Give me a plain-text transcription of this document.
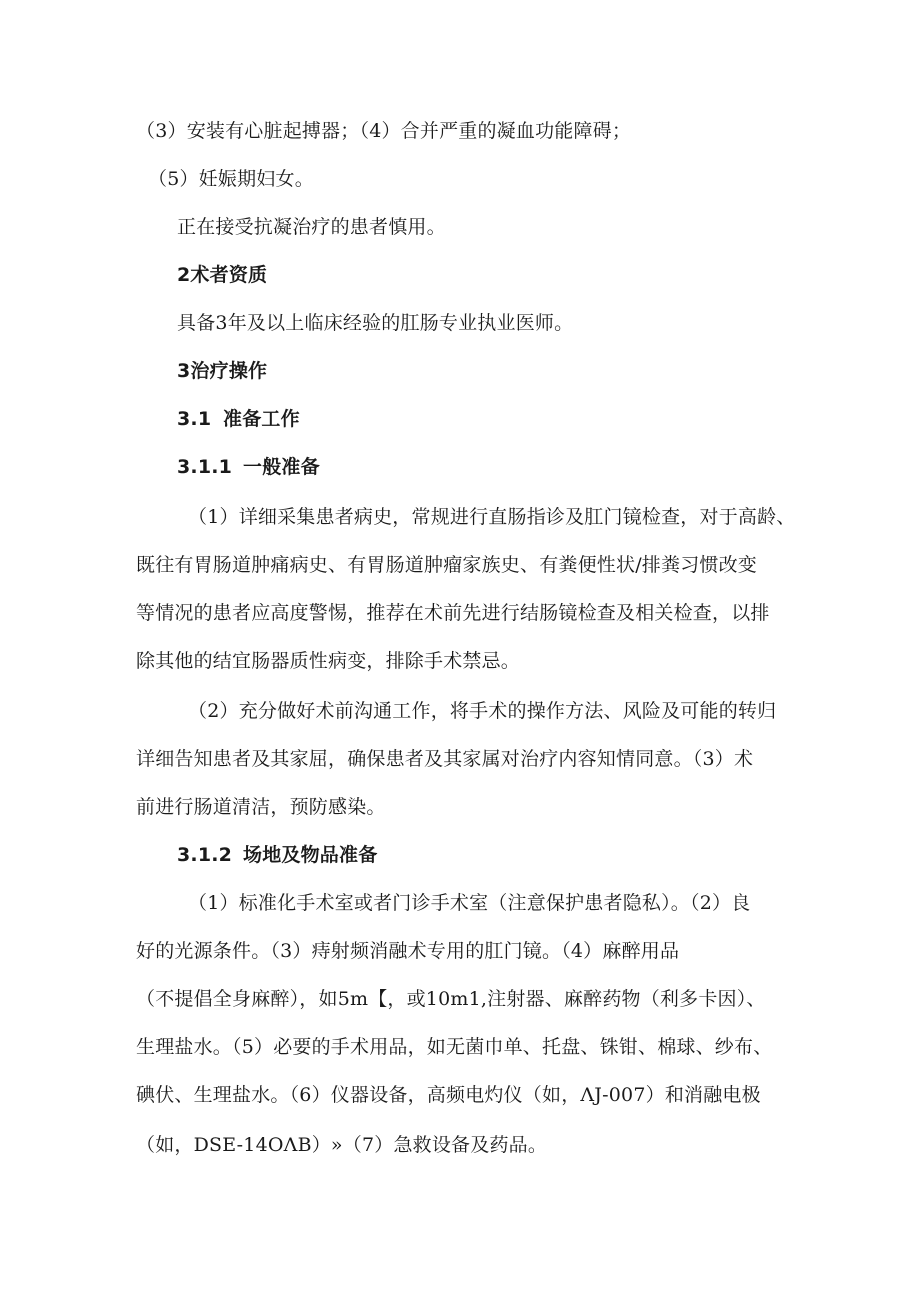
（3）安装有心脏起搏器；（4）合并严重的凝血功能障碍；
（5）妊娠期妇女。
正在接受抗凝治疗的患者慎用。
2术者资质
具备3年及以上临床经验的肛肠专业执业医师。
3治疗操作
3.1 准备工作
3.1.1 一般准备
（1）详细采集患者病史，常规进行直肠指诊及肛门镜检查，对于高龄、
既往有胃肠道肿痛病史、有胃肠道肿瘤家族史、有粪便性状/排粪习惯改变
等情况的患者应高度警惕，推荐在术前先进行结肠镜检查及相关检查，以排
除其他的结宜肠器质性病变，排除手术禁忌。
（2）充分做好术前沟通工作，将手术的操作方法、风险及可能的转归
详细告知患者及其家屈，确保患者及其家属对治疗内容知情同意。（3）术
前进行肠道清洁，预防感染。
3.1.2 场地及物品准备
（1）标准化手术室或者门诊手术室（注意保护患者隐私）。（2）良
好的光源条件。（3）痔射频消融术专用的肛门镜。（4）麻醉用品
（不提倡全身麻醉），如5m【，或10m1,注射器、麻醉药物（利多卡因）、
生理盐水。（5）必要的手术用品，如无菌巾单、托盘、铢钳、棉球、纱布、
碘伏、生理盐水。（6）仪器设备，高频电灼仪（如，ΛJ-007）和消融电极
（如，DSE-14OΛB）»（7）急救设备及药品。
